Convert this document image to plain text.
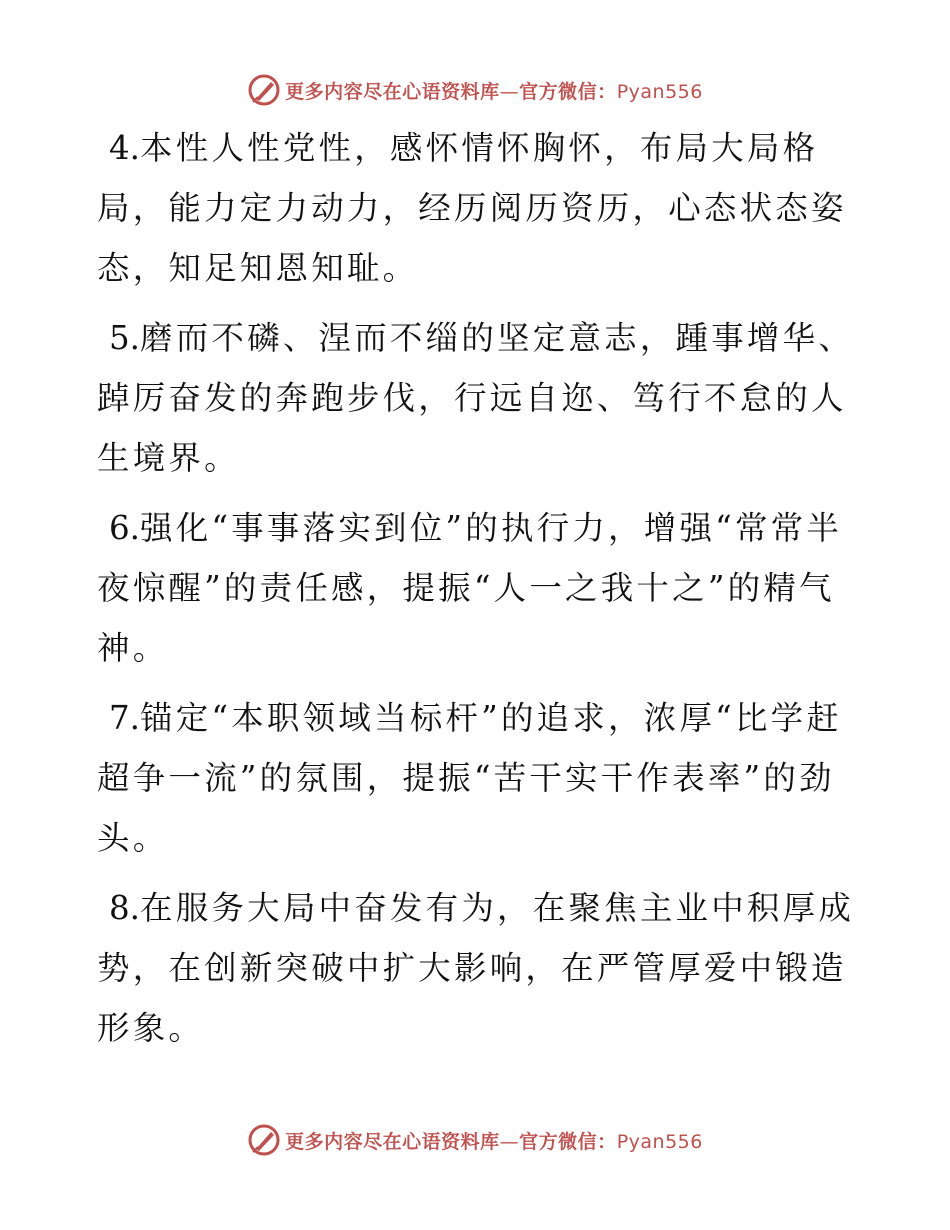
更多内容尽在心语资料库—官方微信：Pyan556

4.本性人性党性，感怀情怀胸怀，布局大局格局，能力定力动力，经历阅历资历，心态状态姿态，知足知恩知耻。

5.磨而不磷、涅而不缁的坚定意志，踵事增华、踔厉奋发的奔跑步伐，行远自迩、笃行不怠的人生境界。

6.强化“事事落实到位”的执行力，增强“常常半夜惊醒”的责任感，提振“人一之我十之”的精气神。

7.锚定“本职领域当标杆”的追求，浓厚“比学赶超争一流”的氛围，提振“苦干实干作表率”的劲头。

8.在服务大局中奋发有为，在聚焦主业中积厚成势，在创新突破中扩大影响，在严管厚爱中锻造形象。

更多内容尽在心语资料库—官方微信：Pyan556
